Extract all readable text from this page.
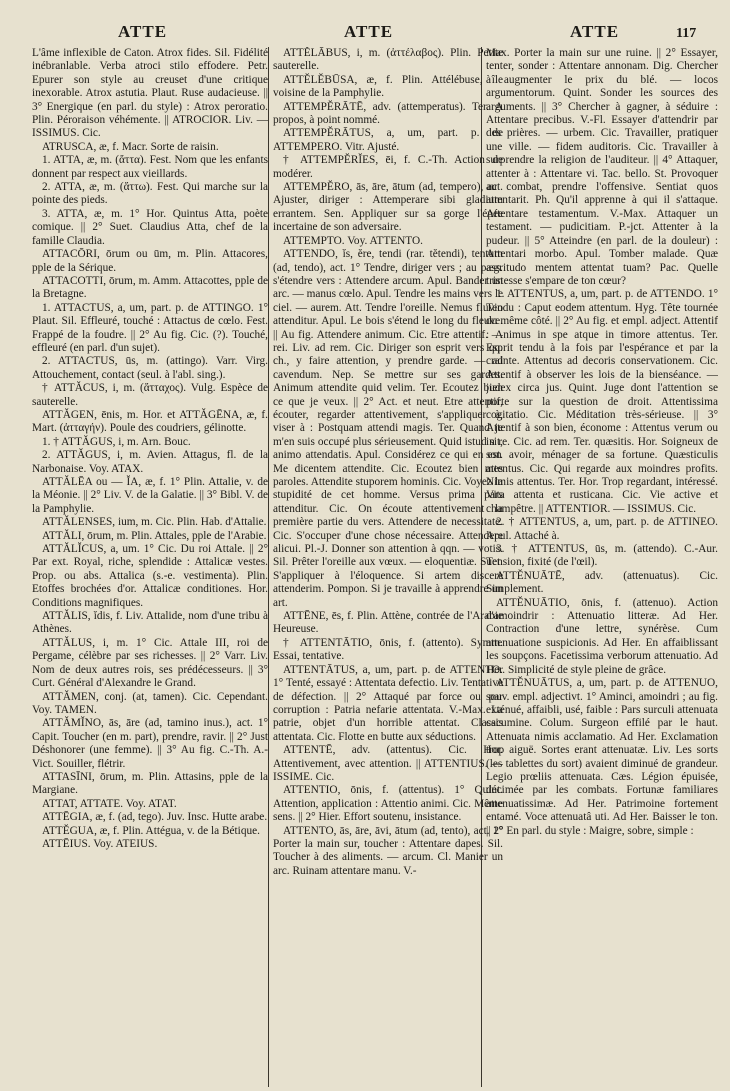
ATTE	ATTE	ATTE	117

L'âme inflexible de Caton. Atrox fides. Sil. Fidélité inébranlable. Verba atroci stilo effodere. Petr. Epurer son style au creuset d'une critique inexorable. Atrox astutia. Plaut. Ruse audacieuse. || 3° Energique (en parl. du style) : Atrox peroratio. Plin. Péroraison véhémente. || ATROCIOR. Liv. — ISSIMUS. Cic.

ATRUSCA, æ, f. Macr. Sorte de raisin.

1. ATTA, æ, m. (ἄττα). Fest. Nom que les enfants donnent par respect aux vieillards.

2. ATTA, æ, m. (ἄττω). Fest. Qui marche sur la pointe des pieds.

3. ATTA, æ, m. 1° Hor. Quintus Atta, poète comique. || 2° Suet. Claudius Atta, chef de la famille Claudia.

ATTACŌRI, ōrum ou ūm, m. Plin. Attacores, pple de la Sérique.

ATTACOTTI, ōrum, m. Amm. Attacottes, pple de la Bretagne.

1. ATTACTUS, a, um, part. p. de ATTINGO. 1° Plaut. Sil. Effleuré, touché : Attactus de cœlo. Fest. Frappé de la foudre. || 2° Au fig. Cic. (?). Touché, effleuré (en parl. d'un sujet).

2. ATTACTUS, ūs, m. (attingo). Varr. Virg. Attouchement, contact (seul. à l'abl. sing.).

† ATTĂCUS, i, m. (ἄτταχος). Vulg. Espèce de sauterelle.

ATTĂGEN, ēnis, m. Hor. et ATTĂGĒNA, æ, f. Mart. (ἀτταγήν). Poule des coudriers, gélinotte.

1. † ATTĂGUS, i, m. Arn. Bouc.

2. ATTĂGUS, i, m. Avien. Attagus, fl. de la Narbonaise. Voy. ATAX.

ATTĂLĒA ou — ĬA, æ, f. 1° Plin. Attalie, v. de la Méonie. || 2° Liv. V. de la Galatie. || 3° Bibl. V. de la Pamphylie.

ATTĂLENSES, ium, m. Cic. Plin. Hab. d'Attalie.

ATTĂLI, ōrum, m. Plin. Attales, pple de l'Arabie.

ATTĂLĬCUS, a, um. 1° Cic. Du roi Attale. || 2° Par ext. Royal, riche, splendide : Attalicæ vestes. Prop. ou abs. Attalica (s.-e. vestimenta). Plin. Etoffes brochées d'or. Attalicæ conditiones. Hor. Conditions magnifiques.

ATTĂLIS, ĭdis, f. Liv. Attalide, nom d'une tribu à Athènes.

ATTĂLUS, i, m. 1° Cic. Attale III, roi de Pergame, célèbre par ses richesses. || 2° Varr. Liv. Nom de deux autres rois, ses prédécesseurs. || 3° Curt. Général d'Alexandre le Grand.

ATTĂMEN, conj. (at, tamen). Cic. Cependant. Voy. TAMEN.

ATTĂMĬNO, ās, āre (ad, tamino inus.), act. 1° Capit. Toucher (en m. part), prendre, ravir. || 2° Just Déshonorer (une femme). || 3° Au fig. C.-Th. A.-Vict. Souiller, flétrir.

ATTASĪNI, ōrum, m. Plin. Attasins, pple de la Margiane.

ATTAT, ATTATE. Voy. ATAT.

ATTĒGIA, æ, f. (ad, tego). Juv. Insc. Hutte arabe.

ATTĔGUA, æ, f. Plin. Attégua, v. de la Bétique.

ATTĒIUS. Voy. ATEIUS.

ATTĔLĀBUS, i, m. (ἀττέλαβος). Plin. Petite sauterelle.

ATTĔLĔBŪSA, æ, f. Plin. Attélébuse, île voisine de la Pamphylie.

ATTEMPĔRĀTĒ, adv. (attemperatus). Ter. A propos, à point nommé.

ATTEMPĔRĀTUS, a, um, part. p. de ATTEMPERO. Vitr. Ajusté.

† ATTEMPĔRĬES, ēi, f. C.-Th. Action de modérer.

ATTEMPĔRO, ās, āre, ātum (ad, tempero), act. Ajuster, diriger : Attemperare sibi gladium errantem. Sen. Appliquer sur sa gorge l'épée incertaine de son adversaire.

ATTEMPTO. Voy. ATTENTO.

ATTENDO, ĭs, ĕre, tendi (rar. tĕtendi), tentum (ad, tendo), act. 1° Tendre, diriger vers ; au pass. s'étendre vers : Attendere arcum. Apul. Bander un arc. — manus cœlo. Apul. Tendre les mains vers le ciel. — aurem. Att. Tendre l'oreille. Nemus fluvio attenditur. Apul. Le bois s'étend le long du fleuve. || Au fig. Attendere animum. Cic. Etre attentif. — rei. Liv. ad rem. Cic. Diriger son esprit vers qq. ch., y faire attention, y prendre garde. — ad cavendum. Nep. Se mettre sur ses gardes. Animum attendite quid velim. Ter. Ecoutez bien ce que je veux. || 2° Act. et neut. Etre attentif, écouter, regarder attentivement, s'appliquer à, viser à : Postquam attendi magis. Ter. Quand je m'en suis occupé plus sérieusement. Quid istud sit, animo attendatis. Apul. Considérez ce qui en est. Me dicentem attendite. Cic. Ecoutez bien mes paroles. Attendite stuporem hominis. Cic. Voyez la stupidité de cet homme. Versus prima pars attenditur. Cic. On écoute attentivement la première partie du vers. Attendere de necessitate. Cic. S'occuper d'une chose nécessaire. Attendere alicui. Pl.-J. Donner son attention à qqn. — votis. Sil. Prêter l'oreille aux vœux. — eloquentiæ. Suet. S'appliquer à l'éloquence. Si artem discere attenderim. Pompon. Si je travaille à apprendre un art.

ATTĒNE, ēs, f. Plin. Attène, contrée de l'Arabie Heureuse.

† ATTENTĀTIO, ōnis, f. (attento). Symm. Essai, tentative.

ATTENTĀTUS, a, um, part. p. de ATTENTO. 1° Tenté, essayé : Attentata defectio. Liv. Tentative de défection. || 2° Attaqué par force ou par corruption : Patria nefarie attentata. V.-Max. La patrie, objet d'un horrible attentat. Classis attentata. Cic. Flotte en butte aux séductions.

ATTENTĒ, adv. (attentus). Cic. Hor. Attentivement, avec attention. || ATTENTIUS. — ISSIME. Cic.

ATTENTIO, ōnis, f. (attentus). 1° Quint. Attention, application : Attentio animi. Cic. Même sens. || 2° Hier. Effort soutenu, insistance.

ATTENTO, ās, āre, āvi, ātum (ad, tento), act. 1° Porter la main sur, toucher : Attentare dapes. Sil. Toucher à des aliments. — arcum. Cl. Manier un arc. Ruinam attentare manu. V.-

Max. Porter la main sur une ruine. || 2° Essayer, tenter, sonder : Attentare annonam. Dig. Chercher à augmenter le prix du blé. — locos argumentorum. Quint. Sonder les sources des arguments. || 3° Chercher à gagner, à séduire : Attentare precibus. V.-Fl. Essayer d'attendrir par des prières. — urbem. Cic. Travailler, pratiquer une ville. — fidem auditoris. Cic. Travailler à surprendre la religion de l'auditeur. || 4° Attaquer, attenter à : Attentare vi. Tac. bello. St. Provoquer au combat, prendre l'offensive. Sentiat quos attentarit. Ph. Qu'il apprenne à qui il s'attaque. Attentare testamentum. V.-Max. Attaquer un testament. — pudicitiam. P.-jct. Attenter à la pudeur. || 5° Atteindre (en parl. de la douleur) : Attentari morbo. Apul. Tomber malade. Quæ ægritudo mentem attentat tuam? Pac. Quelle tristesse s'empare de ton cœur?

1. ATTENTUS, a, um, part. p. de ATTENDO. 1° Tendu : Caput eodem attentum. Hyg. Tête tournée du même côté. || 2° Au fig. et empl. adject. Attentif : Animus in spe atque in timore attentus. Ter. Esprit tendu à la fois par l'espérance et par la crainte. Attentus ad decoris conservationem. Cic. Attentif à observer les lois de la bienséance. — judex circa jus. Quint. Juge dont l'attention se porte sur la question de droit. Attentissima cogitatio. Cic. Méditation très-sérieuse. || 3° Attentif à son bien, économe : Attentus verum ou in re. Cic. ad rem. Ter. quæsitis. Hor. Soigneux de son avoir, ménager de sa fortune. Quæsticulis attentus. Cic. Qui regarde aux moindres profits. Nimis attentus. Ter. Hor. Trop regardant, intéressé. Vita attenta et rusticana. Cic. Vie active et champêtre. || ATTENTIOR. — ISSIMUS. Cic.

2. † ATTENTUS, a, um, part. p. de ATTINEO. Apul. Attaché à.

3. † ATTENTUS, ūs, m. (attendo). C.-Aur. Tension, fixité (de l'œil).

ATTĔNUĀTĒ, adv. (attenuatus). Cic. Simplement.

ATTĔNUĀTIO, ōnis, f. (attenuo). Action d'amoindrir : Attenuatio litteræ. Ad Her. Contraction d'une lettre, synérèse. Cum attenuatione suspicionis. Ad Her. En affaiblissant les soupçons. Facetissima verborum attenuatio. Ad Her. Simplicité de style pleine de grâce.

ATTĔNUĀTUS, a, um, part. p. de ATTENUO, souv. empl. adjectivt. 1° Aminci, amoindri ; au fig. exténué, affaibli, usé, faible : Pars surculi attenuata cacumine. Colum. Surgeon effilé par le haut. Attenuata nimis acclamatio. Ad Her. Exclamation trop aiguë. Sortes erant attenuatæ. Liv. Les sorts (les tablettes du sort) avaient diminué de grandeur. Legio prœliis attenuata. Cæs. Légion épuisée, décimée par les combats. Fortunæ familiares attenuatissimæ. Ad Her. Patrimoine fortement entamé. Voce attenuatâ uti. Ad Her. Baisser le ton. || 2° En parl. du style : Maigre, sobre, simple :
